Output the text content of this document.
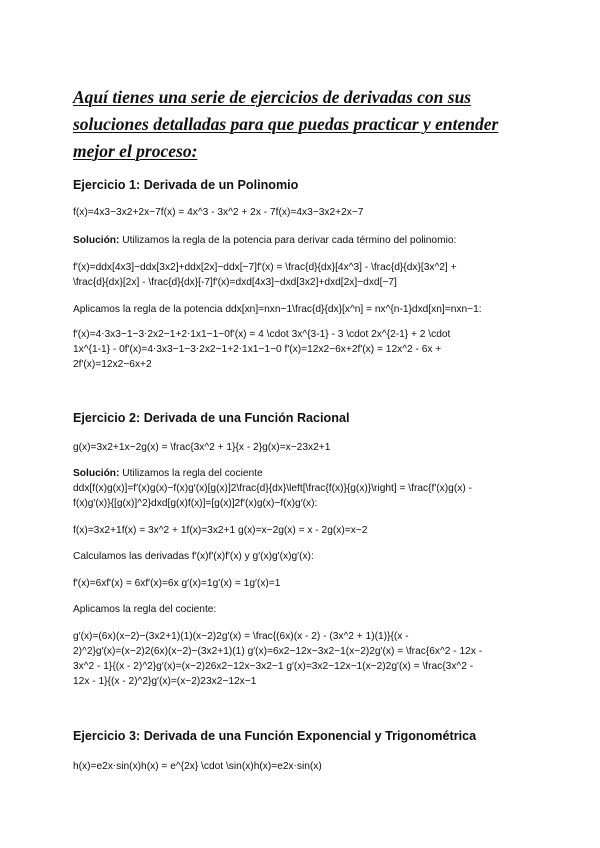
Aquí tienes una serie de ejercicios de derivadas con sus soluciones detalladas para que puedas practicar y entender mejor el proceso:
Ejercicio 1: Derivada de un Polinomio

f(x)=4x3−3x2+2x−7f(x) = 4x^3 - 3x^2 + 2x - 7f(x)=4x3−3x2+2x−7

Solución: Utilizamos la regla de la potencia para derivar cada término del polinomio:

f′(x)=ddx[4x3]−ddx[3x2]+ddx[2x]−ddx[−7]f'(x) = \frac{d}{dx}[4x^3] - \frac{d}{dx}[3x^2] +

\frac{d}{dx}[2x] - \frac{d}{dx}[-7]f′(x)=dxd[4x3]−dxd[3x2]+dxd[2x]−dxd[−7]

Aplicamos la regla de la potencia ddx[xn]=nxn−1\frac{d}{dx}[x^n] = nx^{n-1}dxd[xn]=nxn−1:

f′(x)=4⋅3x3−1−3⋅2x2−1+2⋅1x1−1−0f'(x) = 4 \cdot 3x^{3-1} - 3 \cdot 2x^{2-1} + 2 \cdot

1x^{1-1} - 0f′(x)=4⋅3x3−1−3⋅2x2−1+2⋅1x1−1−0 f′(x)=12x2−6x+2f'(x) = 12x^2 - 6x +

2f′(x)=12x2−6x+2

Ejercicio 2: Derivada de una Función Racional

g(x)=3x2+1x−2g(x) = \frac{3x^2 + 1}{x - 2}g(x)=x−23x2+1

Solución: Utilizamos la regla del cociente

ddx[f(x)g(x)]=f′(x)g(x)−f(x)g′(x)[g(x)]2\frac{d}{dx}\left[\frac{f(x)}{g(x)}\right] = \frac{f'(x)g(x) -

f(x)g'(x)}{[g(x)]^2}dxd[g(x)f(x)]=[g(x)]2f′(x)g(x)−f(x)g′(x):

f(x)=3x2+1f(x) = 3x^2 + 1f(x)=3x2+1 g(x)=x−2g(x) = x - 2g(x)=x−2

Calculamos las derivadas f′(x)f'(x)f′(x) y g′(x)g'(x)g′(x):

f′(x)=6xf'(x) = 6xf′(x)=6x g′(x)=1g'(x) = 1g′(x)=1

Aplicamos la regla del cociente:

g′(x)=(6x)(x−2)−(3x2+1)(1)(x−2)2g'(x) = \frac{(6x)(x - 2) - (3x^2 + 1)(1)}{(x -

2)^2}g′(x)=(x−2)2(6x)(x−2)−(3x2+1)(1) g′(x)=6x2−12x−3x2−1(x−2)2g'(x) = \frac{6x^2 - 12x -

3x^2 - 1}{(x - 2)^2}g′(x)=(x−2)26x2−12x−3x2−1 g′(x)=3x2−12x−1(x−2)2g'(x) = \frac{3x^2 -

12x - 1}{(x - 2)^2}g′(x)=(x−2)23x2−12x−1

Ejercicio 3: Derivada de una Función Exponencial y Trigonométrica

h(x)=e2x⋅sin⁡(x)h(x) = e^{2x} \cdot \sin(x)h(x)=e2x⋅sin(x)
